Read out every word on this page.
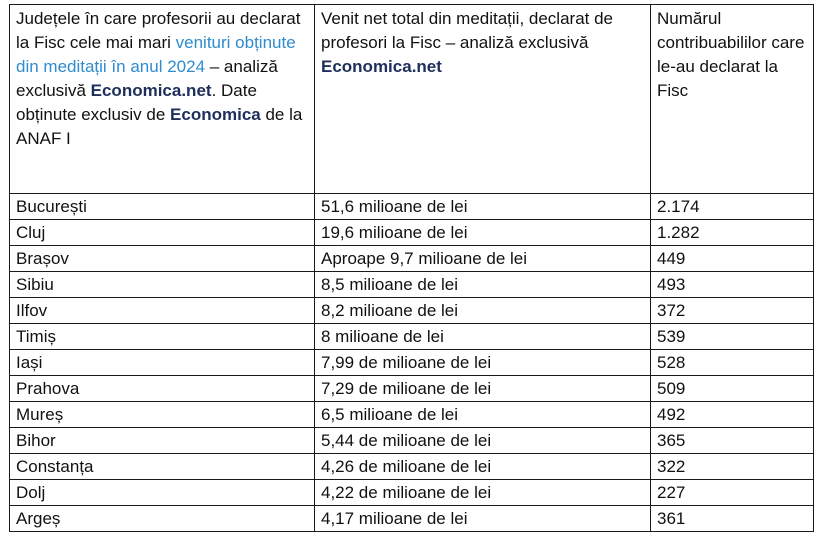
Județele în care profesorii au declarat la Fisc cele mai mari venituri obținute din meditații în anul 2024 – analiză exclusivă Economica.net. Date obținute exclusiv de Economica de la ANAF I	Venit net total din meditații, declarat de profesori la Fisc – analiză exclusivă Economica.net	Numărul contribuabililor care le-au declarat la Fisc
București	51,6 milioane de lei	2.174
Cluj	19,6 milioane de lei	1.282
Brașov	Aproape 9,7 milioane de lei	449
Sibiu	8,5 milioane de lei	493
Ilfov	8,2 milioane de lei	372
Timiș	8 milioane de lei	539
Iași	7,99 de milioane de lei	528
Prahova	7,29 de milioane de lei	509
Mureș	6,5 milioane de lei	492
Bihor	5,44 de milioane de lei	365
Constanța	4,26 de milioane de lei	322
Dolj	4,22 de milioane de lei	227
Argeș	4,17 milioane de lei	361
